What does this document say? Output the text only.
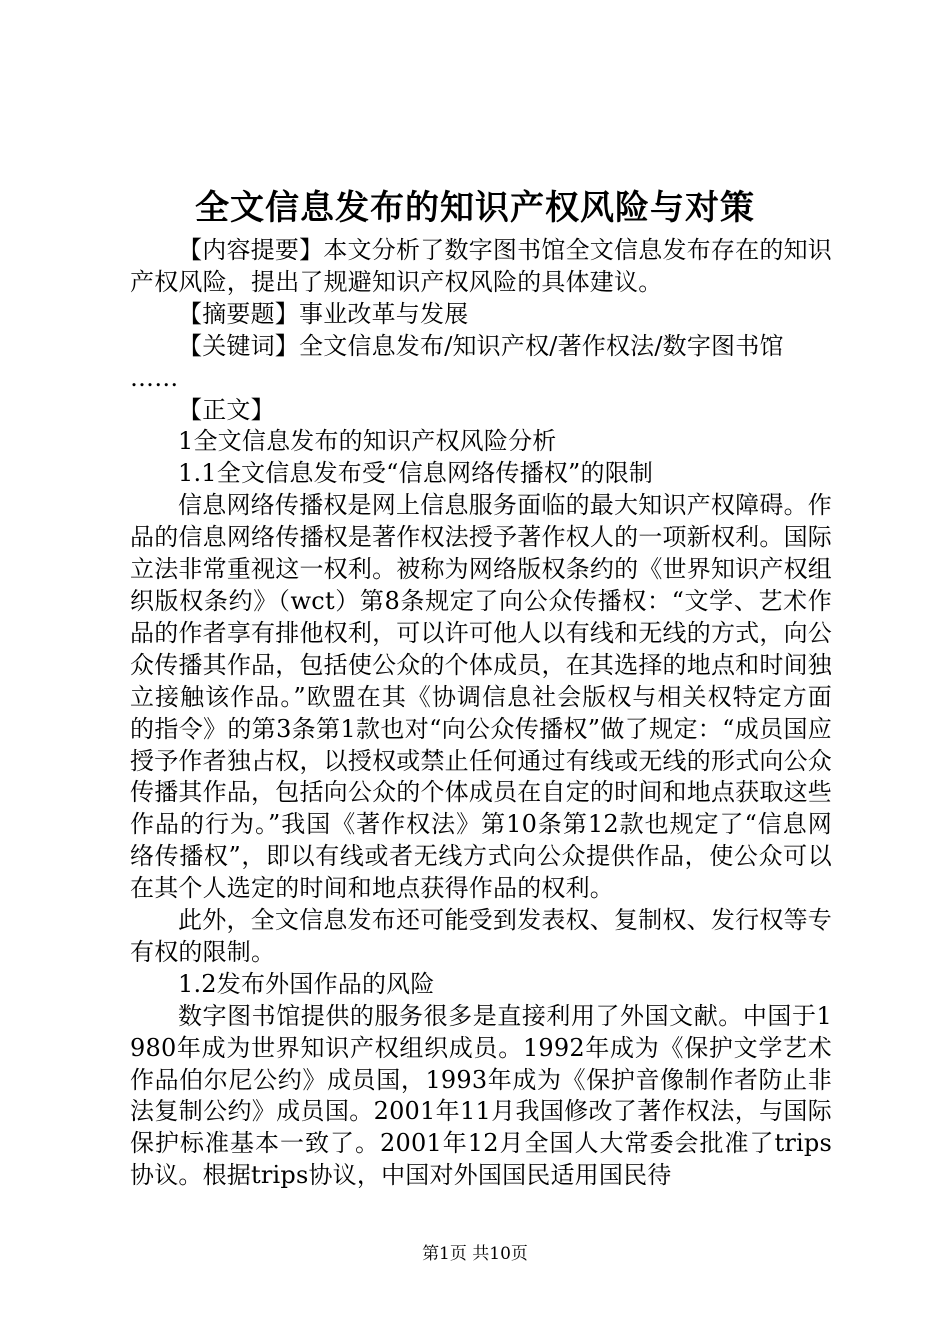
全文信息发布的知识产权风险与对策

【内容提要】本文分析了数字图书馆全文信息发布存在的知识产权风险，提出了规避知识产权风险的具体建议。

【摘要题】事业改革与发展

【关键词】全文信息发布/知识产权/著作权法/数字图书馆

……

【正文】

1全文信息发布的知识产权风险分析

1.1全文信息发布受“信息网络传播权”的限制

信息网络传播权是网上信息服务面临的最大知识产权障碍。作品的信息网络传播权是著作权法授予著作权人的一项新权利。国际立法非常重视这一权利。被称为网络版权条约的《世界知识产权组织版权条约》（wct）第8条规定了向公众传播权：“文学、艺术作品的作者享有排他权利，可以许可他人以有线和无线的方式，向公众传播其作品，包括使公众的个体成员，在其选择的地点和时间独立接触该作品。”欧盟在其《协调信息社会版权与相关权特定方面的指令》的第3条第1款也对“向公众传播权”做了规定：“成员国应授予作者独占权，以授权或禁止任何通过有线或无线的形式向公众传播其作品，包括向公众的个体成员在自定的时间和地点获取这些作品的行为。”我国《著作权法》第10条第12款也规定了“信息网络传播权”，即以有线或者无线方式向公众提供作品，使公众可以在其个人选定的时间和地点获得作品的权利。

此外，全文信息发布还可能受到发表权、复制权、发行权等专有权的限制。

1.2发布外国作品的风险

数字图书馆提供的服务很多是直接利用了外国文献。中国于1980年成为世界知识产权组织成员。1992年成为《保护文学艺术作品伯尔尼公约》成员国，1993年成为《保护音像制作者防止非法复制公约》成员国。2001年11月我国修改了著作权法，与国际保护标准基本一致了。2001年12月全国人大常委会批准了trips协议。根据trips协议，中国对外国国民适用国民待

第1页 共10页
